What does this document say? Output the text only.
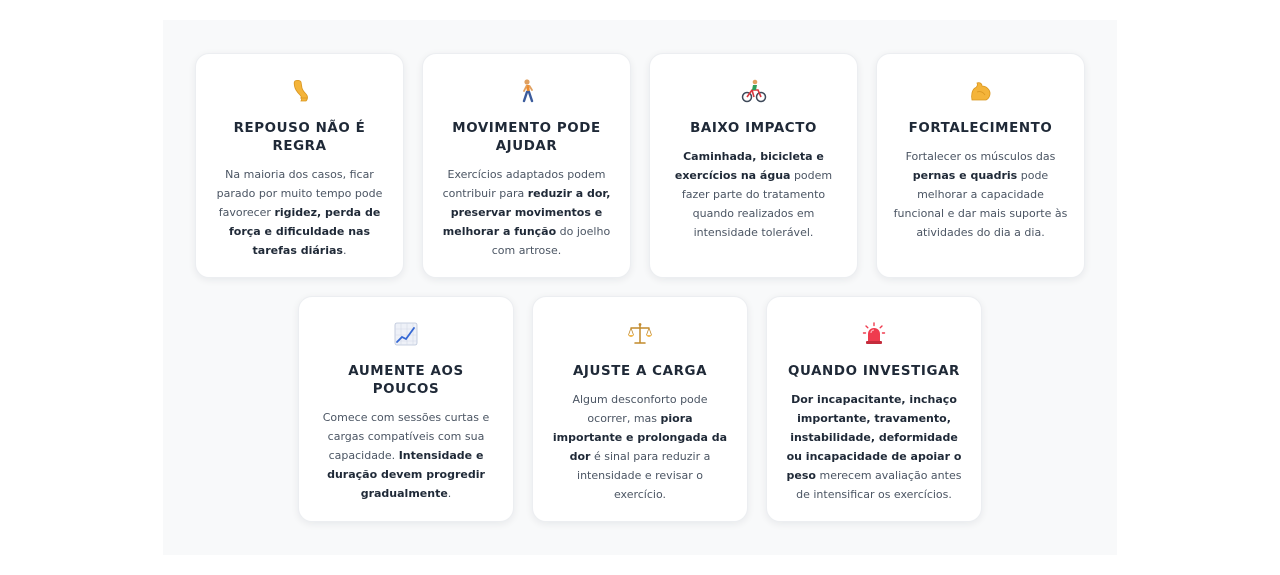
REPOUSO NÃO É REGRA
Na maioria dos casos, ficar parado por muito tempo pode favorecer rigidez, perda de força e dificuldade nas tarefas diárias.
MOVIMENTO PODE AJUDAR
Exercícios adaptados podem contribuir para reduzir a dor, preservar movimentos e melhorar a função do joelho com artrose.
BAIXO IMPACTO
Caminhada, bicicleta e exercícios na água podem fazer parte do tratamento quando realizados em intensidade tolerável.
FORTALECIMENTO
Fortalecer os músculos das pernas e quadris pode melhorar a capacidade funcional e dar mais suporte às atividades do dia a dia.
AUMENTE AOS POUCOS
Comece com sessões curtas e cargas compatíveis com sua capacidade. Intensidade e duração devem progredir gradualmente.
AJUSTE A CARGA
Algum desconforto pode ocorrer, mas piora importante e prolongada da dor é sinal para reduzir a intensidade e revisar o exercício.
QUANDO INVESTIGAR
Dor incapacitante, inchaço importante, travamento, instabilidade, deformidade ou incapacidade de apoiar o peso merecem avaliação antes de intensificar os exercícios.
